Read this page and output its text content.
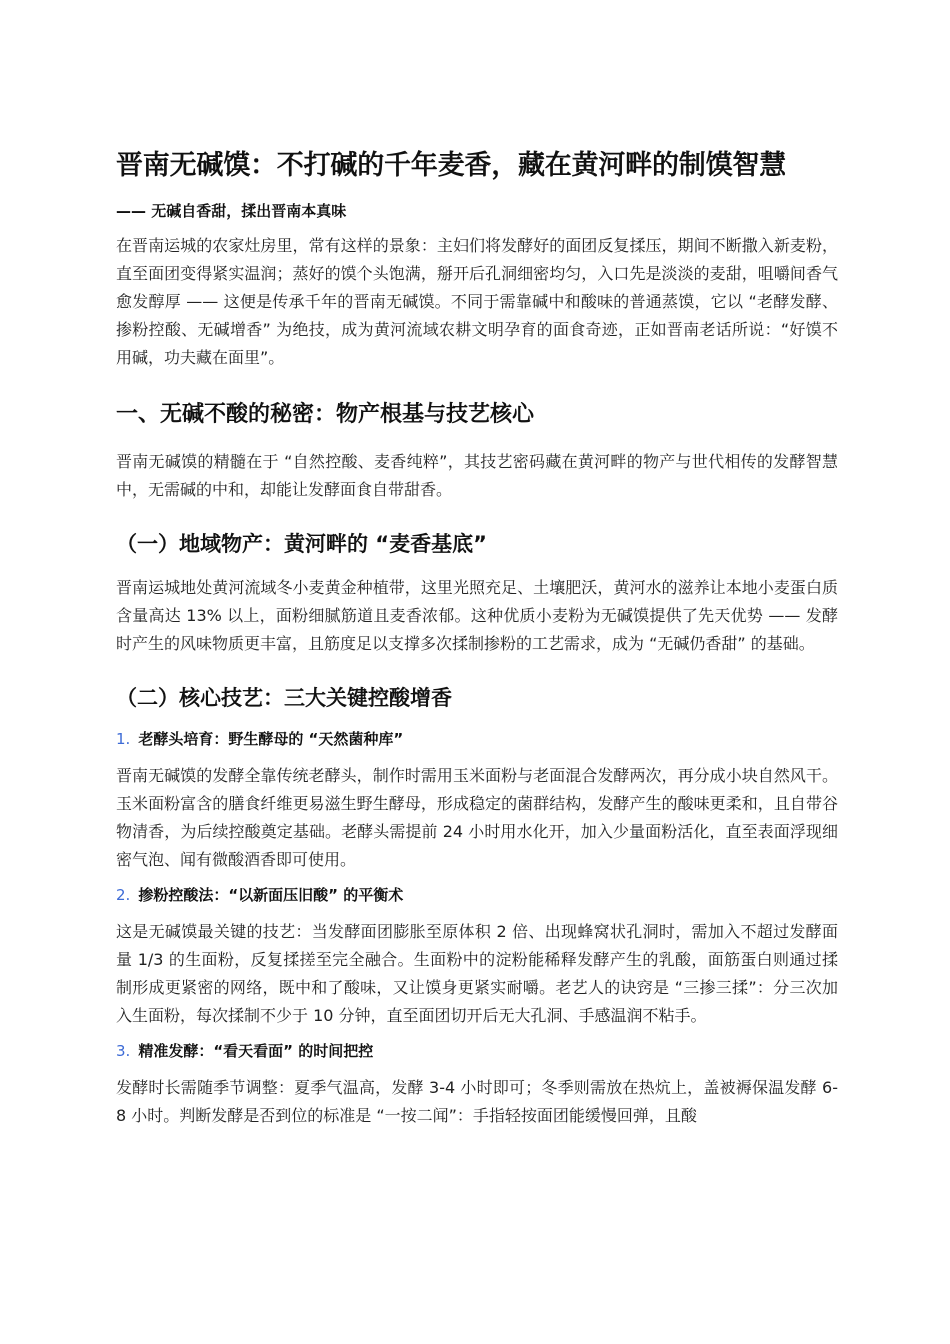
晋南无碱馍：不打碱的千年麦香，藏在黄河畔的制馍智慧
—— 无碱自香甜，揉出晋南本真味

在晋南运城的农家灶房里，常有这样的景象：主妇们将发酵好的面团反复揉压，期间不断撒入新麦粉，直至面团变得紧实温润；蒸好的馍个头饱满，掰开后孔洞细密均匀，入口先是淡淡的麦甜，咀嚼间香气愈发醇厚 —— 这便是传承千年的晋南无碱馍。不同于需靠碱中和酸味的普通蒸馍，它以 “老酵发酵、掺粉控酸、无碱增香” 为绝技，成为黄河流域农耕文明孕育的面食奇迹，正如晋南老话所说：“好馍不用碱，功夫藏在面里”。

一、无碱不酸的秘密：物产根基与技艺核心

晋南无碱馍的精髓在于 “自然控酸、麦香纯粹”，其技艺密码藏在黄河畔的物产与世代相传的发酵智慧中，无需碱的中和，却能让发酵面食自带甜香。

（一）地域物产：黄河畔的 “麦香基底”

晋南运城地处黄河流域冬小麦黄金种植带，这里光照充足、土壤肥沃，黄河水的滋养让本地小麦蛋白质含量高达 13% 以上，面粉细腻筋道且麦香浓郁。这种优质小麦粉为无碱馍提供了先天优势 —— 发酵时产生的风味物质更丰富，且筋度足以支撑多次揉制掺粉的工艺需求，成为 “无碱仍香甜” 的基础。

（二）核心技艺：三大关键控酸增香
1. 老酵头培育：野生酵母的 “天然菌种库”

晋南无碱馍的发酵全靠传统老酵头，制作时需用玉米面粉与老面混合发酵两次，再分成小块自然风干。玉米面粉富含的膳食纤维更易滋生野生酵母，形成稳定的菌群结构，发酵产生的酸味更柔和，且自带谷物清香，为后续控酸奠定基础。老酵头需提前 24 小时用水化开，加入少量面粉活化，直至表面浮现细密气泡、闻有微酸酒香即可使用。

2. 掺粉控酸法：“以新面压旧酸” 的平衡术

这是无碱馍最关键的技艺：当发酵面团膨胀至原体积 2 倍、出现蜂窝状孔洞时，需加入不超过发酵面量 1/3 的生面粉，反复揉搓至完全融合。生面粉中的淀粉能稀释发酵产生的乳酸，面筋蛋白则通过揉制形成更紧密的网络，既中和了酸味，又让馍身更紧实耐嚼。老艺人的诀窍是 “三掺三揉”：分三次加入生面粉，每次揉制不少于 10 分钟，直至面团切开后无大孔洞、手感温润不粘手。

3. 精准发酵：“看天看面” 的时间把控

发酵时长需随季节调整：夏季气温高，发酵 3-4 小时即可；冬季则需放在热炕上，盖被褥保温发酵 6-8 小时。判断发酵是否到位的标准是 “一按二闻”：手指轻按面团能缓慢回弹，且酸
